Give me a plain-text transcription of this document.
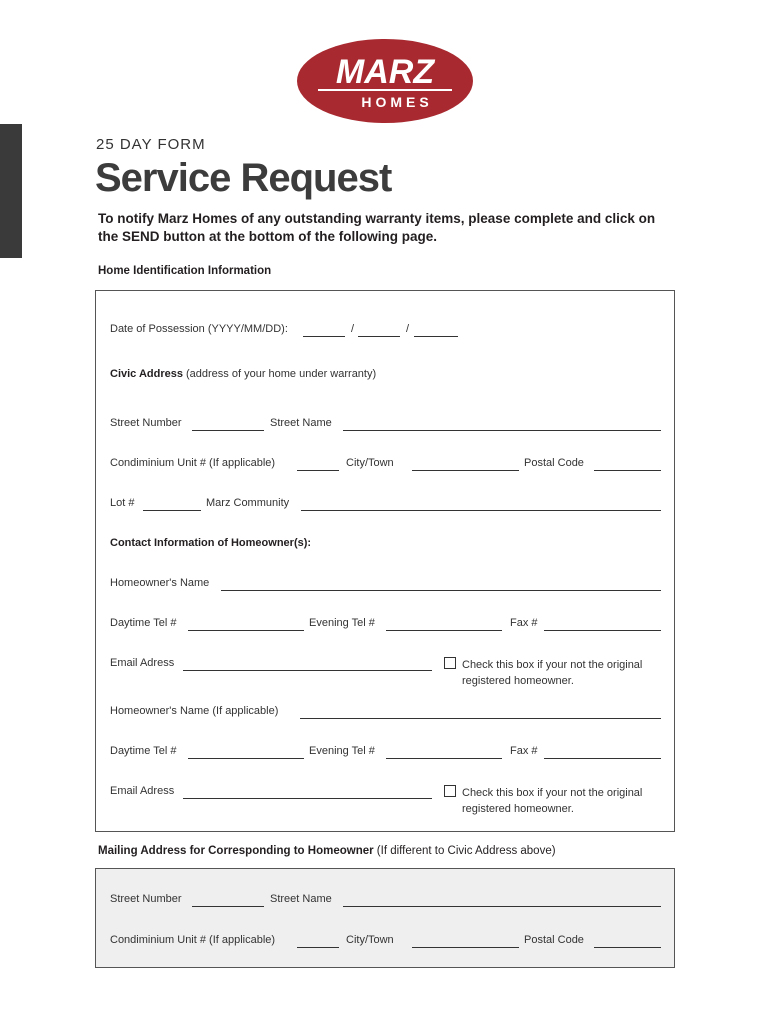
MARZ
HOMES
25 DAY FORM
Service Request
To notify Marz Homes of any outstanding warranty items, please complete and click on the SEND button at the bottom of the following page.
Home Identification Information
Date of Possession (YYYY/MM/DD):	/	/
Civic Address (address of your home under warranty)
Street Number	Street Name
Condiminium Unit # (If applicable)	City/Town	Postal Code
Lot #	Marz Community
Contact Information of Homeowner(s):
Homeowner's Name
Daytime Tel #	Evening Tel #	Fax #
Email Adress	Check this box if your not the original registered homeowner.
Homeowner's Name (If applicable)
Daytime Tel #	Evening Tel #	Fax #
Email Adress	Check this box if your not the original registered homeowner.
Mailing Address for Corresponding to Homeowner (If different to Civic Address above)
Street Number	Street Name
Condiminium Unit # (If applicable)	City/Town	Postal Code
